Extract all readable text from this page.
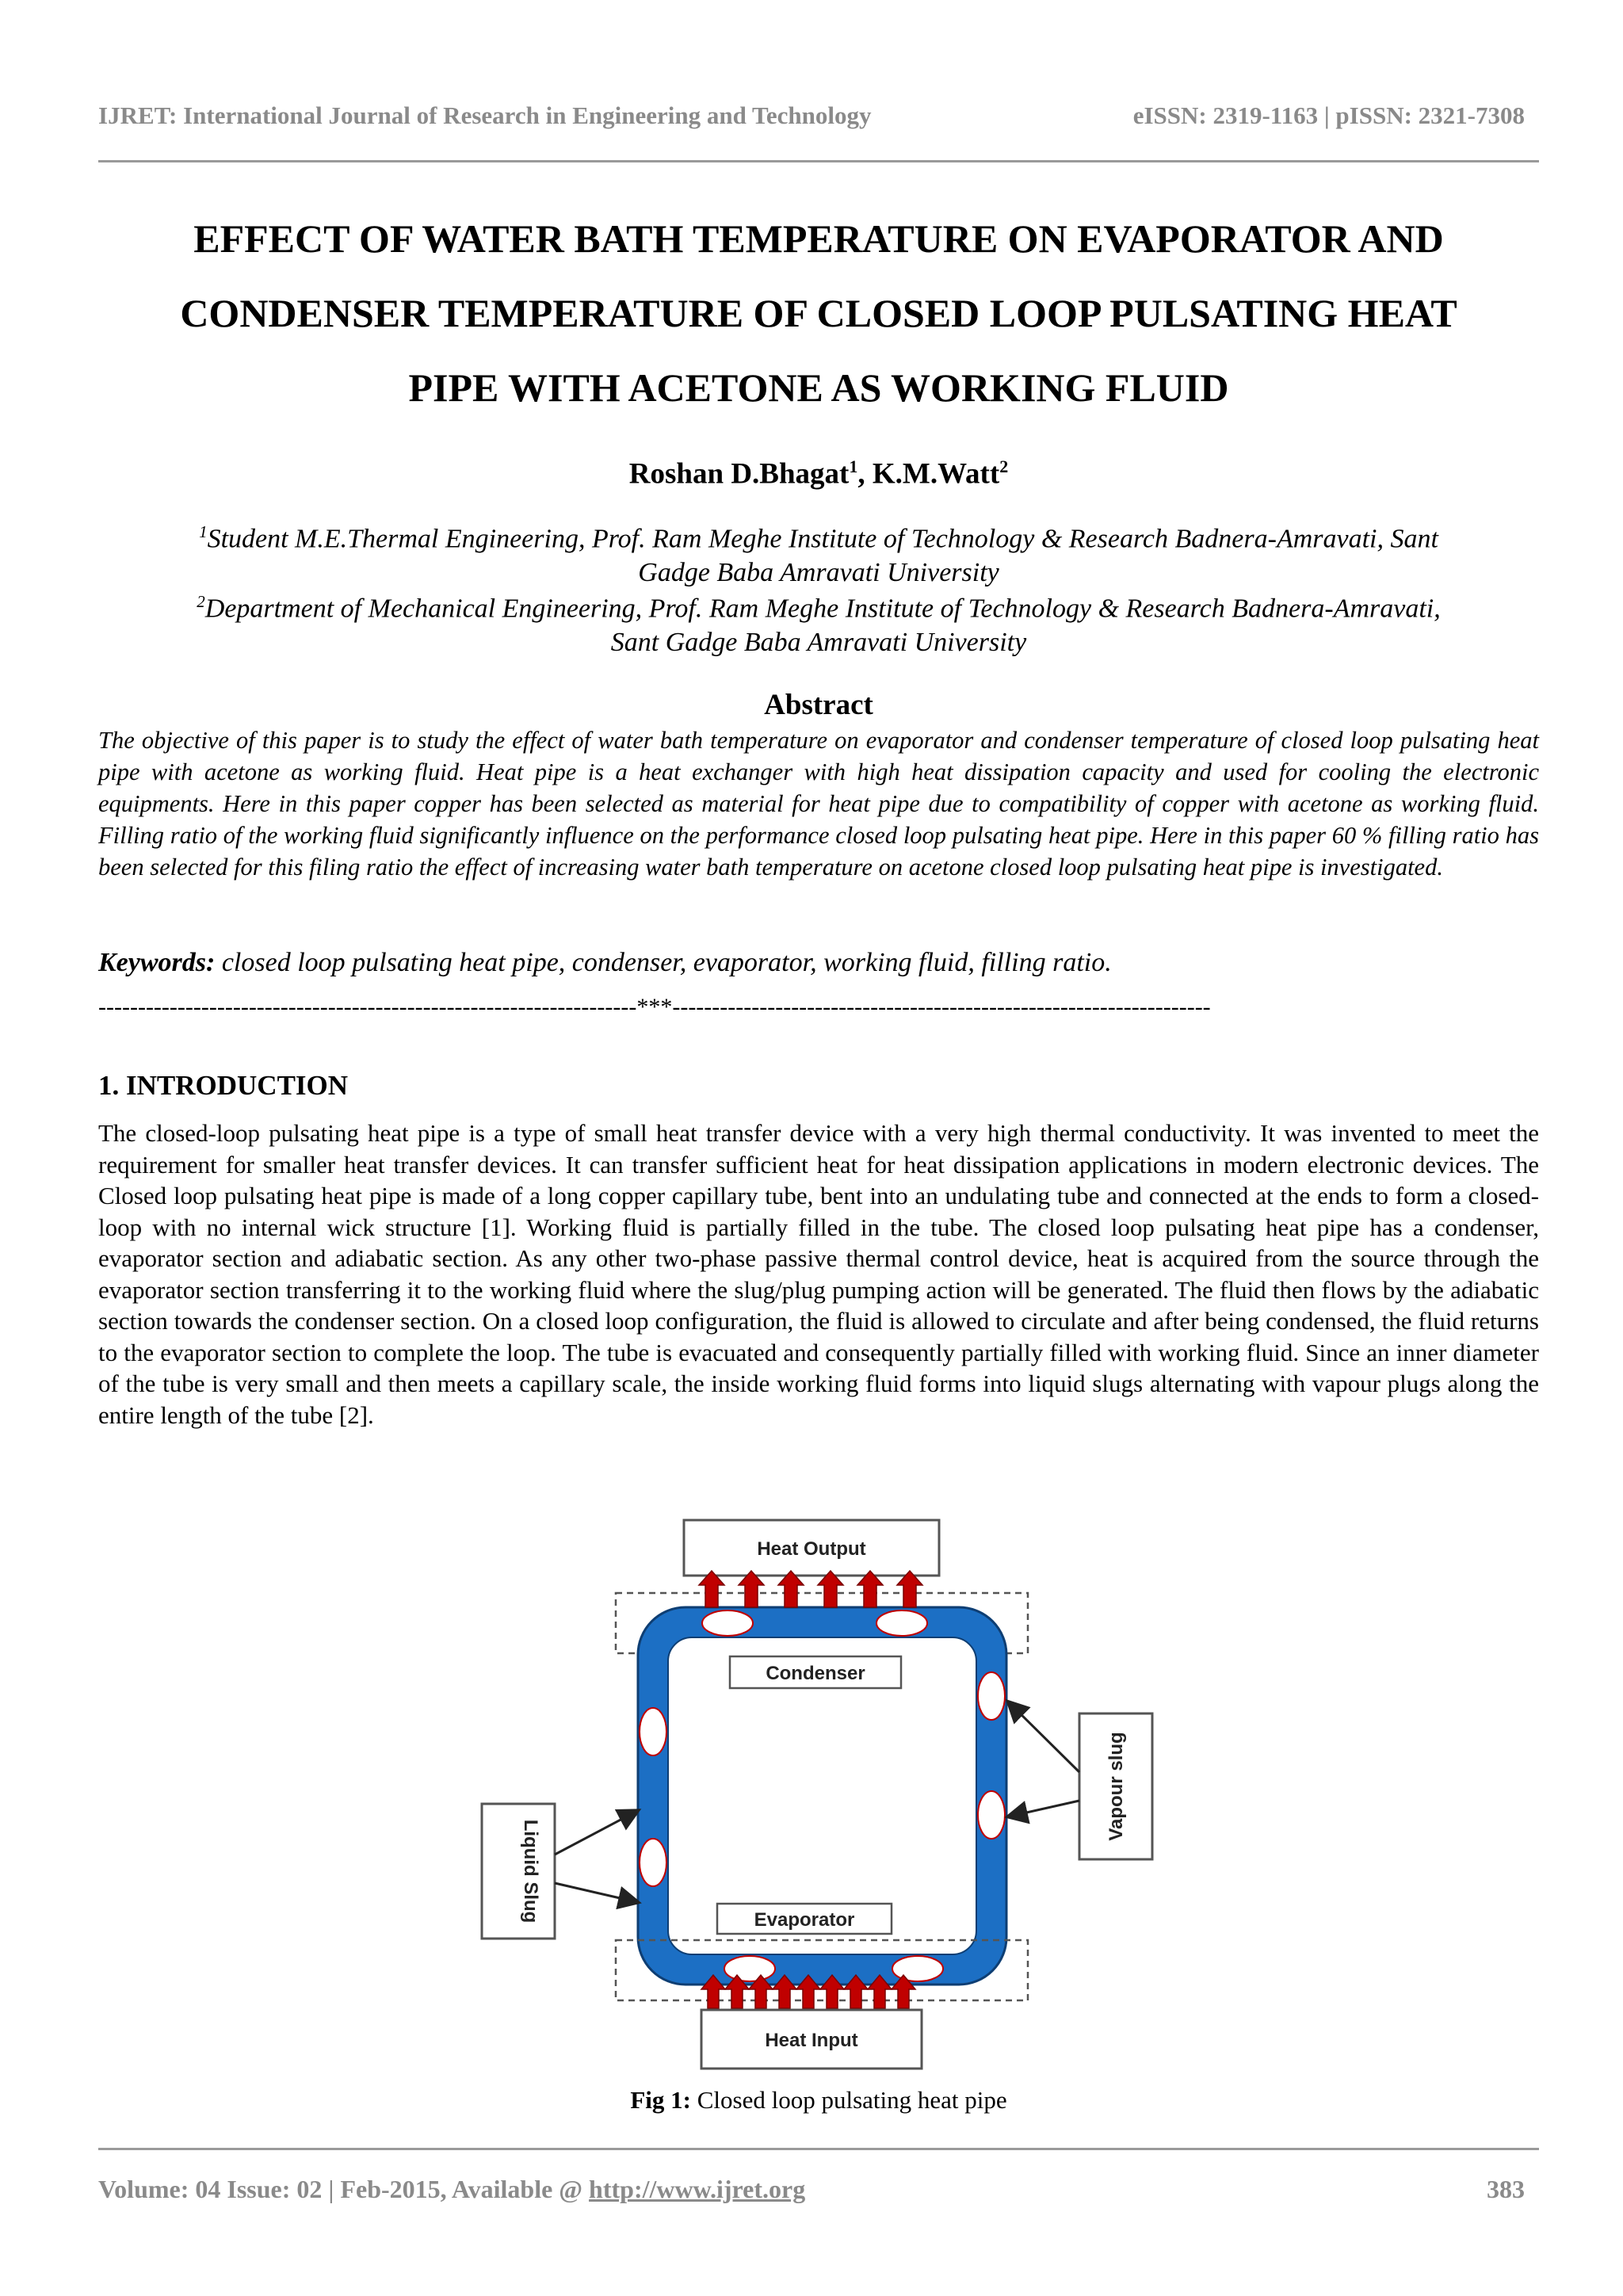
IJRET: International Journal of Research in Engineering and Technology	eISSN: 2319-1163 | pISSN: 2321-7308
EFFECT OF WATER BATH TEMPERATURE ON EVAPORATOR AND
CONDENSER TEMPERATURE OF CLOSED LOOP PULSATING HEAT
PIPE WITH ACETONE AS WORKING FLUID
Roshan D.Bhagat$^1$, K.M.Watt$^2$
$^1$Student M.E.Thermal Engineering, Prof. Ram Meghe Institute of Technology & Research Badnera-Amravati, Sant
Gadge Baba Amravati University
$^2$Department of Mechanical Engineering, Prof. Ram Meghe Institute of Technology & Research Badnera-Amravati,
Sant Gadge Baba Amravati University
Abstract
The objective of this paper is to study the effect of water bath temperature on evaporator and condenser temperature of closed loop pulsating heat pipe with acetone as working fluid. Heat pipe is a heat exchanger with high heat dissipation capacity and used for cooling the electronic equipments. Here in this paper copper has been selected as material for heat pipe due to compatibility of copper with acetone as working fluid. Filling ratio of the working fluid significantly influence on the performance closed loop pulsating heat pipe. Here in this paper 60 % filling ratio has been selected for this filing ratio the effect of increasing water bath temperature on acetone closed loop pulsating heat pipe is investigated.
Keywords: closed loop pulsating heat pipe, condenser, evaporator, working fluid, filling ratio.
--------------------------------------------------------------------***--------------------------------------------------------------------
1. INTRODUCTION
The closed-loop pulsating heat pipe is a type of small heat transfer device with a very high thermal conductivity. It was invented to meet the requirement for smaller heat transfer devices. It can transfer sufficient heat for heat dissipation applications in modern electronic devices. The Closed loop pulsating heat pipe is made of a long copper capillary tube, bent into an undulating tube and connected at the ends to form a closed-loop with no internal wick structure [1]. Working fluid is partially filled in the tube. The closed loop pulsating heat pipe has a condenser, evaporator section and adiabatic section. As any other two-phase passive thermal control device, heat is acquired from the source through the evaporator section transferring it to the working fluid where the slug/plug pumping action will be generated. The fluid then flows by the adiabatic section towards the condenser section. On a closed loop configuration, the fluid is allowed to circulate and after being condensed, the fluid returns to the evaporator section to complete the loop. The tube is evacuated and consequently partially filled with working fluid. Since an inner diameter of the tube is very small and then meets a capillary scale, the inside working fluid forms into liquid slugs alternating with vapour plugs along the entire length of the tube [2].
Heat Output
Condenser
Evaporator
Heat Input
Liquid Slug
Vapour slug
Fig 1: Closed loop pulsating heat pipe
Volume: 04 Issue: 02 | Feb-2015, Available @ http://www.ijret.org	383
